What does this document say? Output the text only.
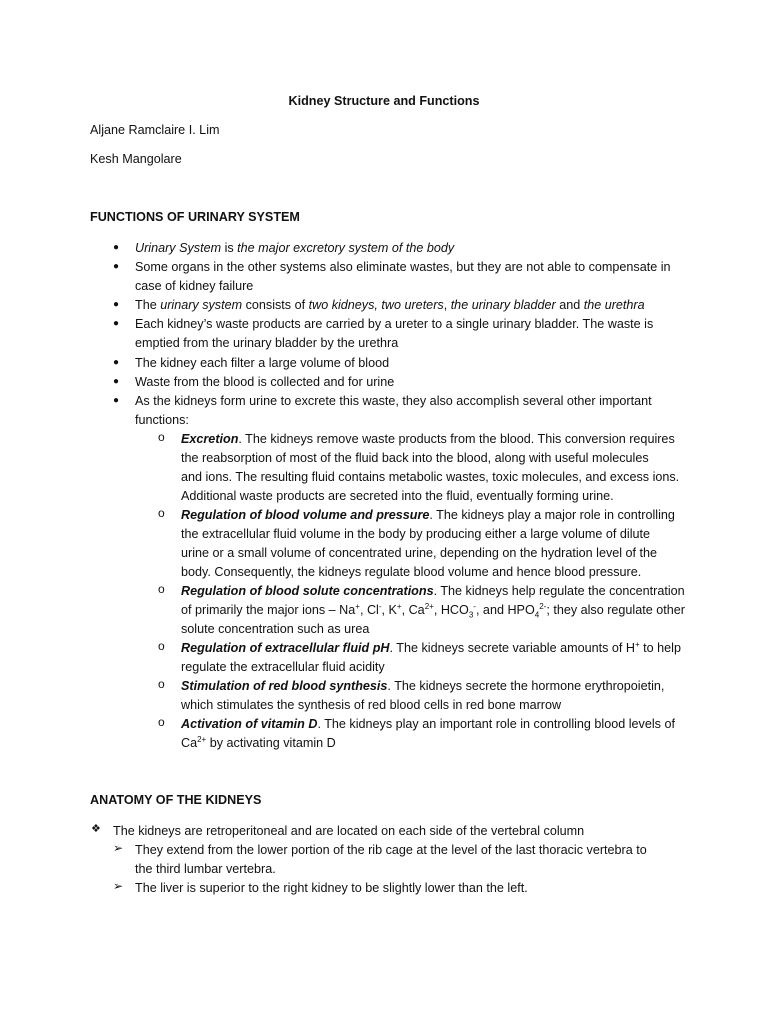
Kidney Structure and Functions
Aljane Ramclaire I. Lim
Kesh Mangolare
FUNCTIONS OF URINARY SYSTEM
● Urinary System is the major excretory system of the body
● Some organs in the other systems also eliminate wastes, but they are not able to compensate in
case of kidney failure
● The urinary system consists of two kidneys, two ureters, the urinary bladder and the urethra
● Each kidney’s waste products are carried by a ureter to a single urinary bladder. The waste is
emptied from the urinary bladder by the urethra
● The kidney each filter a large volume of blood
● Waste from the blood is collected and for urine
● As the kidneys form urine to excrete this waste, they also accomplish several other important
functions:
o Excretion. The kidneys remove waste products from the blood. This conversion requires
the reabsorption of most of the fluid back into the blood, along with useful molecules
and ions. The resulting fluid contains metabolic wastes, toxic molecules, and excess ions.
Additional waste products are secreted into the fluid, eventually forming urine.
o Regulation of blood volume and pressure. The kidneys play a major role in controlling
the extracellular fluid volume in the body by producing either a large volume of dilute
urine or a small volume of concentrated urine, depending on the hydration level of the
body. Consequently, the kidneys regulate blood volume and hence blood pressure.
o Regulation of blood solute concentrations. The kidneys help regulate the concentration
of primarily the major ions – Na+, Cl-, K+, $Ca^{2+}$, $HCO_3^-$, and $HPO_4^{2-}$; they also regulate other
solute concentration such as urea
o Regulation of extracellular fluid pH. The kidneys secrete variable amounts of H+ to help
regulate the extracellular fluid acidity
o Stimulation of red blood synthesis. The kidneys secrete the hormone erythropoietin,
which stimulates the synthesis of red blood cells in red bone marrow
o Activation of vitamin D. The kidneys play an important role in controlling blood levels of
$Ca^{2+}$ by activating vitamin D
ANATOMY OF THE KIDNEYS
❖ The kidneys are retroperitoneal and are located on each side of the vertebral column
➢ They extend from the lower portion of the rib cage at the level of the last thoracic vertebra to
the third lumbar vertebra.
➢ The liver is superior to the right kidney to be slightly lower than the left.
